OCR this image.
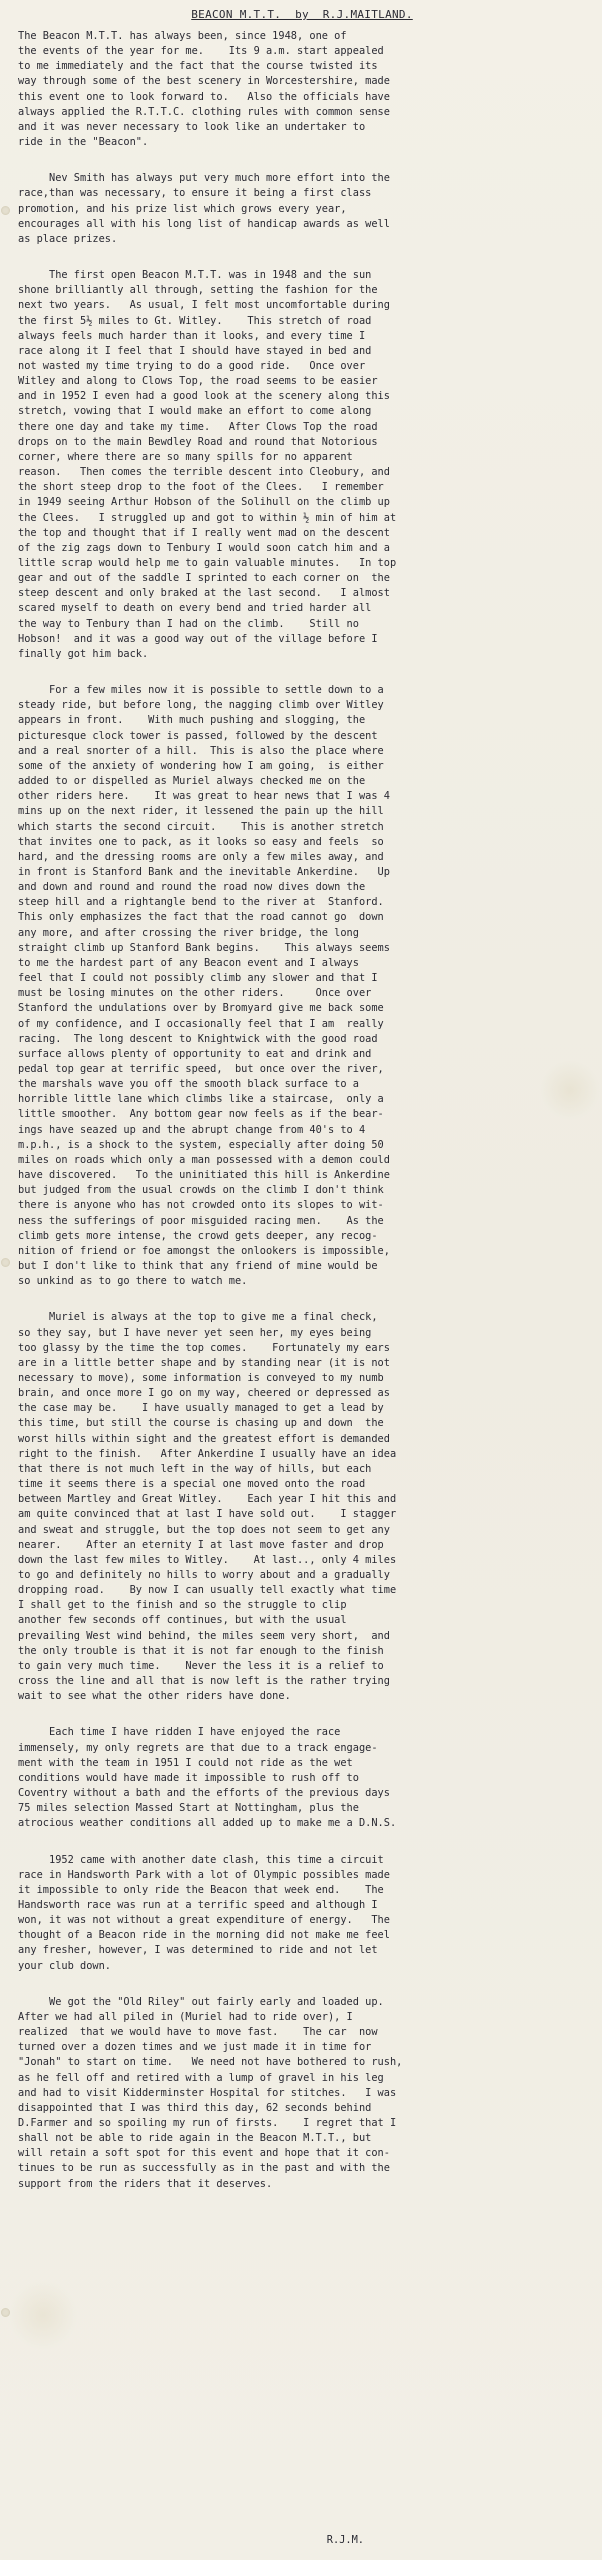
BEACON M.T.T.  by  R.J.MAITLAND.
The Beacon M.T.T. has always been, since 1948, one of
the events of the year for me.    Its 9 a.m. start appealed
to me immediately and the fact that the course twisted its
way through some of the best scenery in Worcestershire, made
this event one to look forward to.   Also the officials have
always applied the R.T.T.C. clothing rules with common sense
and it was never necessary to look like an undertaker to
ride in the "Beacon".
Nev Smith has always put very much more effort into the
race,than was necessary, to ensure it being a first class
promotion, and his prize list which grows every year,
encourages all with his long list of handicap awards as well
as place prizes.
The first open Beacon M.T.T. was in 1948 and the sun
shone brilliantly all through, setting the fashion for the
next two years.   As usual, I felt most uncomfortable during
the first 5½ miles to Gt. Witley.    This stretch of road
always feels much harder than it looks, and every time I
race along it I feel that I should have stayed in bed and
not wasted my time trying to do a good ride.   Once over
Witley and along to Clows Top, the road seems to be easier
and in 1952 I even had a good look at the scenery along this
stretch, vowing that I would make an effort to come along
there one day and take my time.   After Clows Top the road
drops on to the main Bewdley Road and round that Notorious
corner, where there are so many spills for no apparent
reason.   Then comes the terrible descent into Cleobury, and
the short steep drop to the foot of the Clees.   I remember
in 1949 seeing Arthur Hobson of the Solihull on the climb up
the Clees.   I struggled up and got to within ½ min of him at
the top and thought that if I really went mad on the descent
of the zig zags down to Tenbury I would soon catch him and a
little scrap would help me to gain valuable minutes.   In top
gear and out of the saddle I sprinted to each corner on  the
steep descent and only braked at the last second.   I almost
scared myself to death on every bend and tried harder all
the way to Tenbury than I had on the climb.    Still no
Hobson!  and it was a good way out of the village before I
finally got him back.
For a few miles now it is possible to settle down to a
steady ride, but before long, the nagging climb over Witley
appears in front.    With much pushing and slogging, the
picturesque clock tower is passed, followed by the descent
and a real snorter of a hill.  This is also the place where
some of the anxiety of wondering how I am going,  is either
added to or dispelled as Muriel always checked me on the
other riders here.    It was great to hear news that I was 4
mins up on the next rider, it lessened the pain up the hill
which starts the second circuit.    This is another stretch
that invites one to pack, as it looks so easy and feels  so
hard, and the dressing rooms are only a few miles away, and
in front is Stanford Bank and the inevitable Ankerdine.   Up
and down and round and round the road now dives down the
steep hill and a rightangle bend to the river at  Stanford.
This only emphasizes the fact that the road cannot go  down
any more, and after crossing the river bridge, the long
straight climb up Stanford Bank begins.    This always seems
to me the hardest part of any Beacon event and I always
feel that I could not possibly climb any slower and that I
must be losing minutes on the other riders.     Once over
Stanford the undulations over by Bromyard give me back some
of my confidence, and I occasionally feel that I am  really
racing.  The long descent to Knightwick with the good road
surface allows plenty of opportunity to eat and drink and
pedal top gear at terrific speed,  but once over the river,
the marshals wave you off the smooth black surface to a
horrible little lane which climbs like a staircase,  only a
little smoother.  Any bottom gear now feels as if the bear-
ings have seazed up and the abrupt change from 40's to 4
m.p.h., is a shock to the system, especially after doing 50
miles on roads which only a man possessed with a demon could
have discovered.   To the uninitiated this hill is Ankerdine
but judged from the usual crowds on the climb I don't think
there is anyone who has not crowded onto its slopes to wit-
ness the sufferings of poor misguided racing men.    As the
climb gets more intense, the crowd gets deeper, any recog-
nition of friend or foe amongst the onlookers is impossible,
but I don't like to think that any friend of mine would be
so unkind as to go there to watch me.
Muriel is always at the top to give me a final check,
so they say, but I have never yet seen her, my eyes being
too glassy by the time the top comes.    Fortunately my ears
are in a little better shape and by standing near (it is not
necessary to move), some information is conveyed to my numb
brain, and once more I go on my way, cheered or depressed as
the case may be.    I have usually managed to get a lead by
this time, but still the course is chasing up and down  the
worst hills within sight and the greatest effort is demanded
right to the finish.   After Ankerdine I usually have an idea
that there is not much left in the way of hills, but each
time it seems there is a special one moved onto the road
between Martley and Great Witley.    Each year I hit this and
am quite convinced that at last I have sold out.    I stagger
and sweat and struggle, but the top does not seem to get any
nearer.    After an eternity I at last move faster and drop
down the last few miles to Witley.    At last.., only 4 miles
to go and definitely no hills to worry about and a gradually
dropping road.    By now I can usually tell exactly what time
I shall get to the finish and so the struggle to clip
another few seconds off continues, but with the usual
prevailing West wind behind, the miles seem very short,  and
the only trouble is that it is not far enough to the finish
to gain very much time.    Never the less it is a relief to
cross the line and all that is now left is the rather trying
wait to see what the other riders have done.
Each time I have ridden I have enjoyed the race
immensely, my only regrets are that due to a track engage-
ment with the team in 1951 I could not ride as the wet
conditions would have made it impossible to rush off to
Coventry without a bath and the efforts of the previous days
75 miles selection Massed Start at Nottingham, plus the
atrocious weather conditions all added up to make me a D.N.S.
1952 came with another date clash, this time a circuit
race in Handsworth Park with a lot of Olympic possibles made
it impossible to only ride the Beacon that week end.    The
Handsworth race was run at a terrific speed and although I
won, it was not without a great expenditure of energy.   The
thought of a Beacon ride in the morning did not make me feel
any fresher, however, I was determined to ride and not let
your club down.
We got the "Old Riley" out fairly early and loaded up.
After we had all piled in (Muriel had to ride over), I
realized  that we would have to move fast.    The car  now
turned over a dozen times and we just made it in time for
"Jonah" to start on time.   We need not have bothered to rush,
as he fell off and retired with a lump of gravel in his leg
and had to visit Kidderminster Hospital for stitches.   I was
disappointed that I was third this day, 62 seconds behind
D.Farmer and so spoiling my run of firsts.    I regret that I
shall not be able to ride again in the Beacon M.T.T., but
will retain a soft spot for this event and hope that it con-
tinues to be run as successfully as in the past and with the
support from the riders that it deserves.
R.J.M.
